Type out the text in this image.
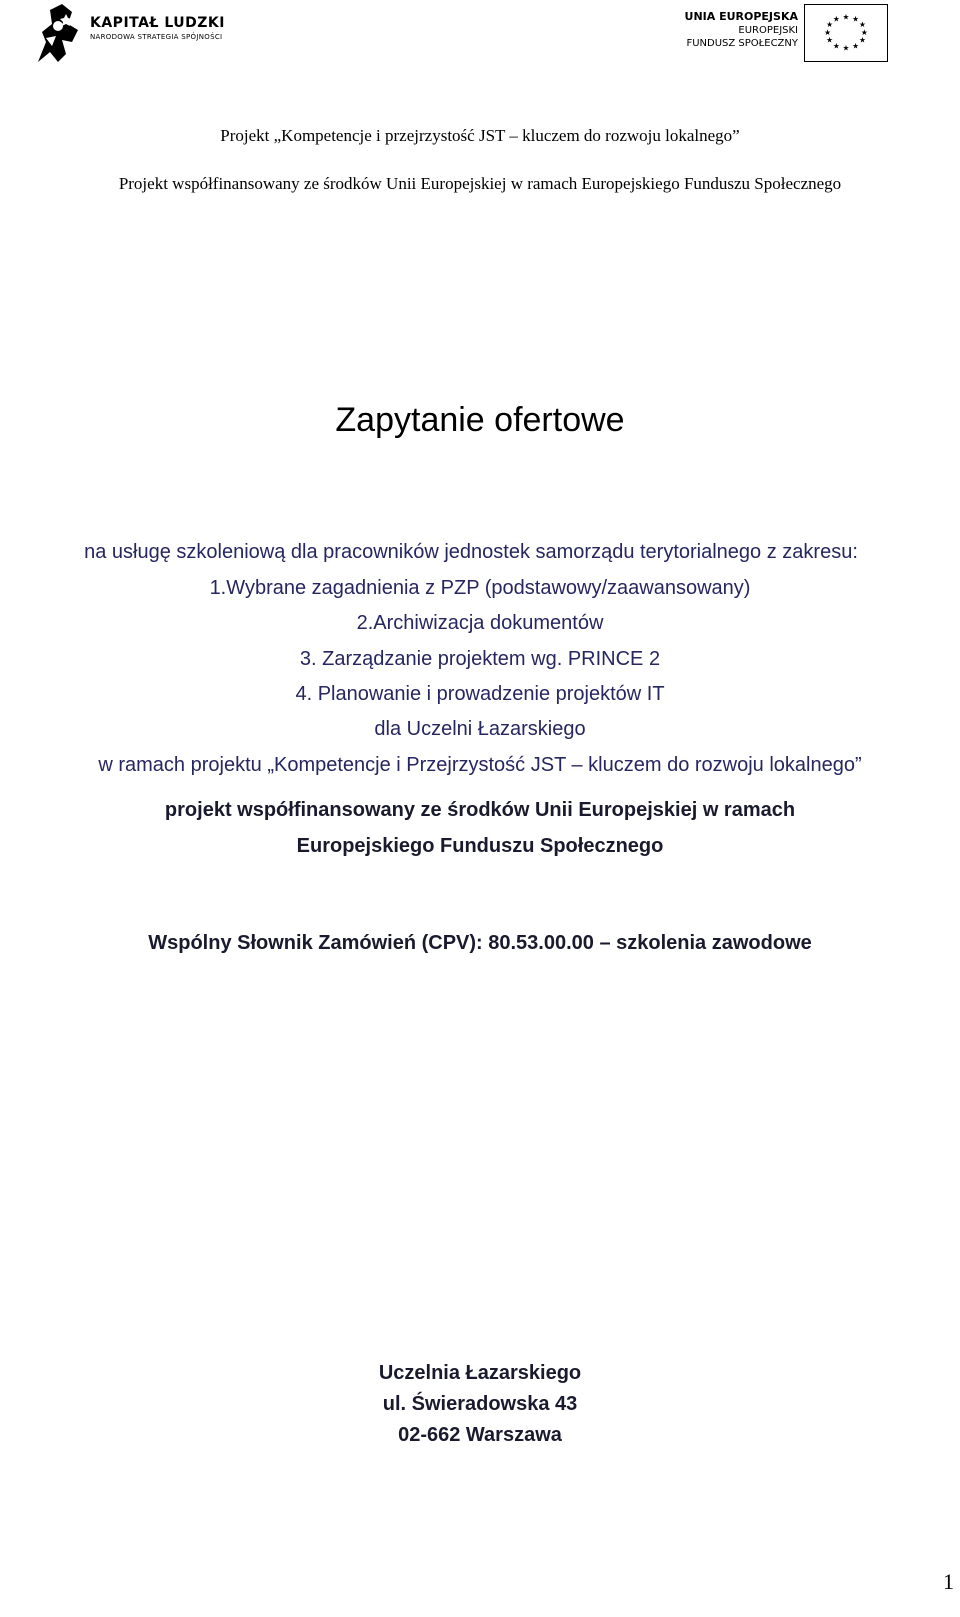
KAPITAŁ LUDZKI
NARODOWA STRATEGIA SPÓJNOŚCI
UNIA EUROPEJSKA
EUROPEJSKI
FUNDUSZ SPOŁECZNY
★ ★
★
★
★
★
★
★
★
★
★
★
Projekt „Kompetencje i przejrzystość JST – kluczem do rozwoju lokalnego”
Projekt współfinansowany ze środków Unii Europejskiej w ramach Europejskiego Funduszu Społecznego
Zapytanie ofertowe
na usługę szkoleniową dla pracowników jednostek samorządu terytorialnego z zakresu:
1.Wybrane zagadnienia z PZP (podstawowy/zaawansowany)
2.Archiwizacja dokumentów
3. Zarządzanie projektem wg. PRINCE 2
4. Planowanie i prowadzenie projektów IT
dla Uczelni Łazarskiego
w ramach projektu „Kompetencje i Przejrzystość JST – kluczem do rozwoju lokalnego”
projekt współfinansowany ze środków Unii Europejskiej w ramach
Europejskiego Funduszu Społecznego
Wspólny Słownik Zamówień (CPV): 80.53.00.00 – szkolenia zawodowe
Uczelnia Łazarskiego
ul. Świeradowska 43
02-662 Warszawa
1
